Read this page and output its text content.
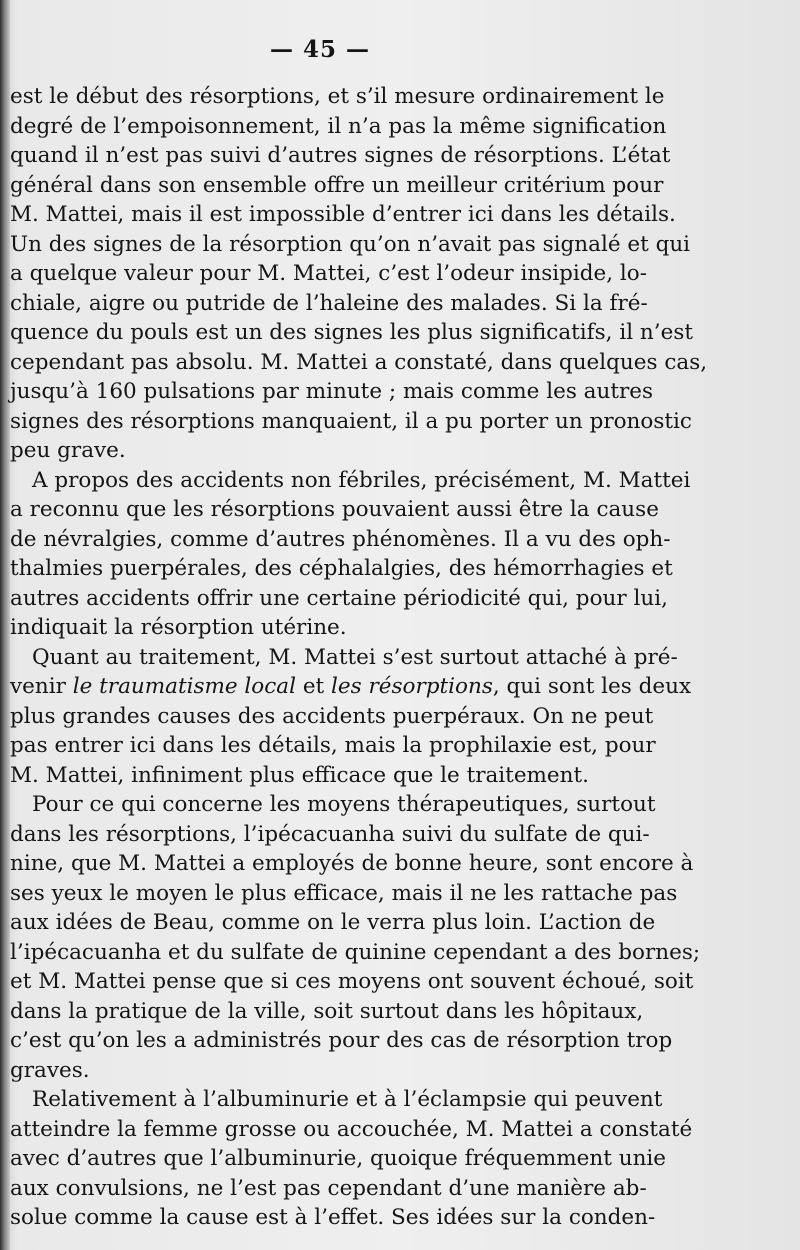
— 45 —
est le début des résorptions, et s’il mesure ordinairement le
degré de l’empoisonnement, il n’a pas la même signification
quand il n’est pas suivi d’autres signes de résorptions. L’état
général dans son ensemble offre un meilleur critérium pour
M. Mattei, mais il est impossible d’entrer ici dans les détails.
Un des signes de la résorption qu’on n’avait pas signalé et qui
a quelque valeur pour M. Mattei, c’est l’odeur insipide, lo-
chiale, aigre ou putride de l’haleine des malades. Si la fré-
quence du pouls est un des signes les plus significatifs, il n’est
cependant pas absolu. M. Mattei a constaté, dans quelques cas,
jusqu’à 160 pulsations par minute ; mais comme les autres
signes des résorptions manquaient, il a pu porter un pronostic
peu grave.
A propos des accidents non fébriles, précisément, M. Mattei
a reconnu que les résorptions pouvaient aussi être la cause
de névralgies, comme d’autres phénomènes. Il a vu des oph-
thalmies puerpérales, des céphalalgies, des hémorrhagies et
autres accidents offrir une certaine périodicité qui, pour lui,
indiquait la résorption utérine.
Quant au traitement, M. Mattei s’est surtout attaché à pré-
venir le traumatisme local et les résorptions, qui sont les deux
plus grandes causes des accidents puerpéraux. On ne peut
pas entrer ici dans les détails, mais la prophilaxie est, pour
M. Mattei, infiniment plus efficace que le traitement.
Pour ce qui concerne les moyens thérapeutiques, surtout
dans les résorptions, l’ipécacuanha suivi du sulfate de qui-
nine, que M. Mattei a employés de bonne heure, sont encore à
ses yeux le moyen le plus efficace, mais il ne les rattache pas
aux idées de Beau, comme on le verra plus loin. L’action de
l’ipécacuanha et du sulfate de quinine cependant a des bornes;
et M. Mattei pense que si ces moyens ont souvent échoué, soit
dans la pratique de la ville, soit surtout dans les hôpitaux,
c’est qu’on les a administrés pour des cas de résorption trop
graves.
Relativement à l’albuminurie et à l’éclampsie qui peuvent
atteindre la femme grosse ou accouchée, M. Mattei a constaté
avec d’autres que l’albuminurie, quoique fréquemment unie
aux convulsions, ne l’est pas cependant d’une manière ab-
solue comme la cause est à l’effet. Ses idées sur la conden-
